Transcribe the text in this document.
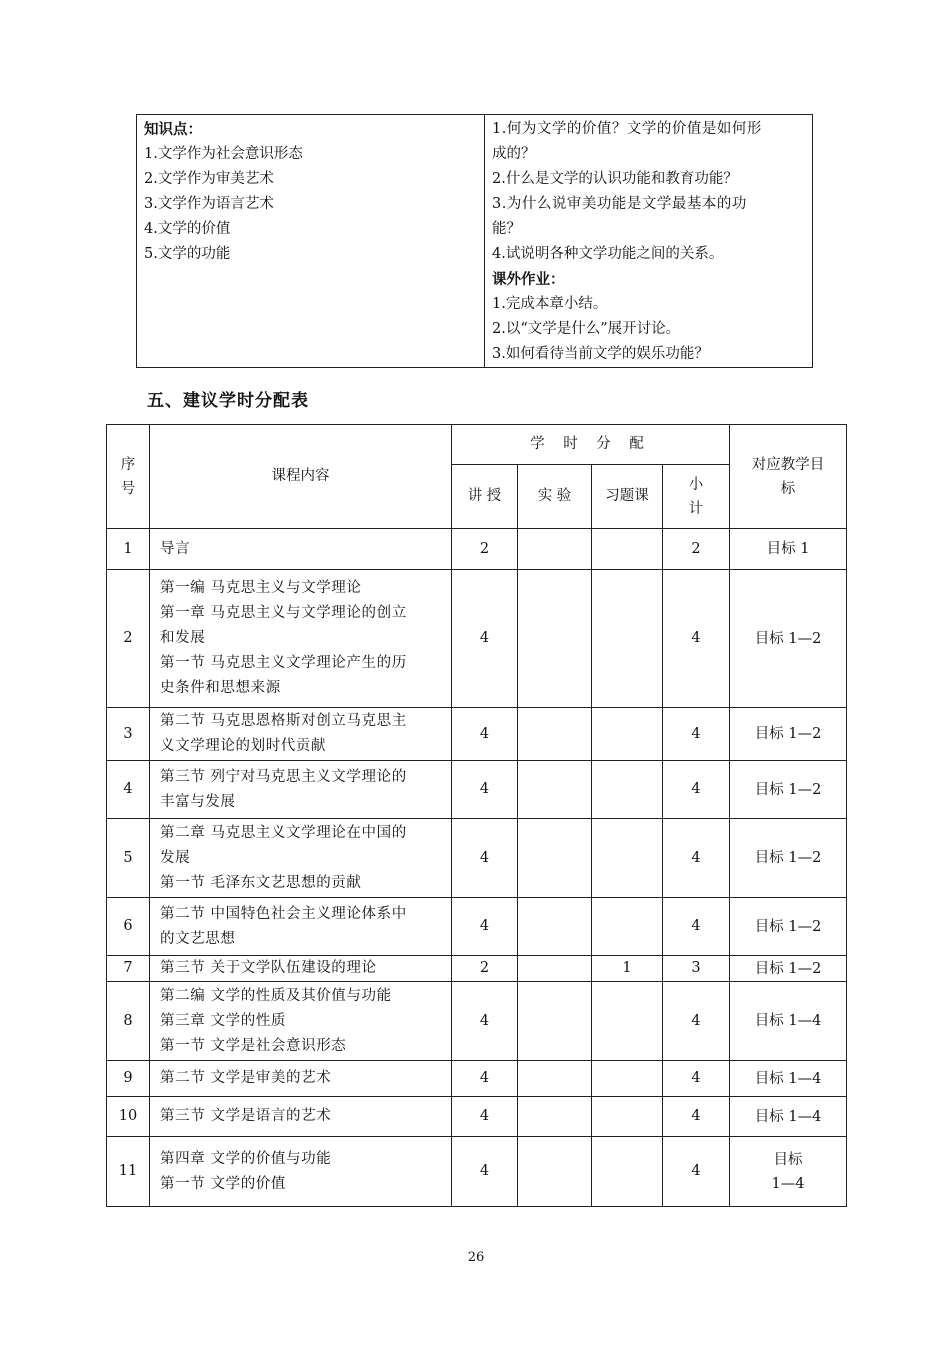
知识点：
1.文学作为社会意识形态
2.文学作为审美艺术
3.文学作为语言艺术
4.文学的价值
5.文学的功能

1.何为文学的价值？文学的价值是如何形
成的？
2.什么是文学的认识功能和教育功能？
3.为什么说审美功能是文学最基本的功
能？
4.试说明各种文学功能之间的关系。
课外作业：
1.完成本章小结。
2.以“文学是什么”展开讨论。
3.如何看待当前文学的娱乐功能？
五、建议学时分配表
序
号	课程内容	学 时 分 配				对应教学目
标

		讲 授	实 验	习题课	小
计	

1	导言	2			2	目标 1

2	第一编 马克思主义与文学理论
第一章 马克思主义与文学理论的创立
和发展
第一节 马克思主义文学理论产生的历
史条件和思想来源	4			4	目标 1—2

3	第二节 马克思恩格斯对创立马克思主
义文学理论的划时代贡献	4			4	目标 1—2

4	第三节 列宁对马克思主义文学理论的
丰富与发展	4			4	目标 1—2

5	第二章 马克思主义文学理论在中国的
发展
第一节 毛泽东文艺思想的贡献	4			4	目标 1—2

6	第二节 中国特色社会主义理论体系中
的文艺思想	4			4	目标 1—2

7	第三节 关于文学队伍建设的理论	2		1	3	目标 1—2

8	第二编 文学的性质及其价值与功能
第三章 文学的性质
第一节 文学是社会意识形态	4			4	目标 1—4

9	第二节 文学是审美的艺术	4			4	目标 1—4

10	第三节 文学是语言的艺术	4			4	目标 1—4

11	第四章 文学的价值与功能
第一节 文学的价值	4			4	目标
1—4
26
